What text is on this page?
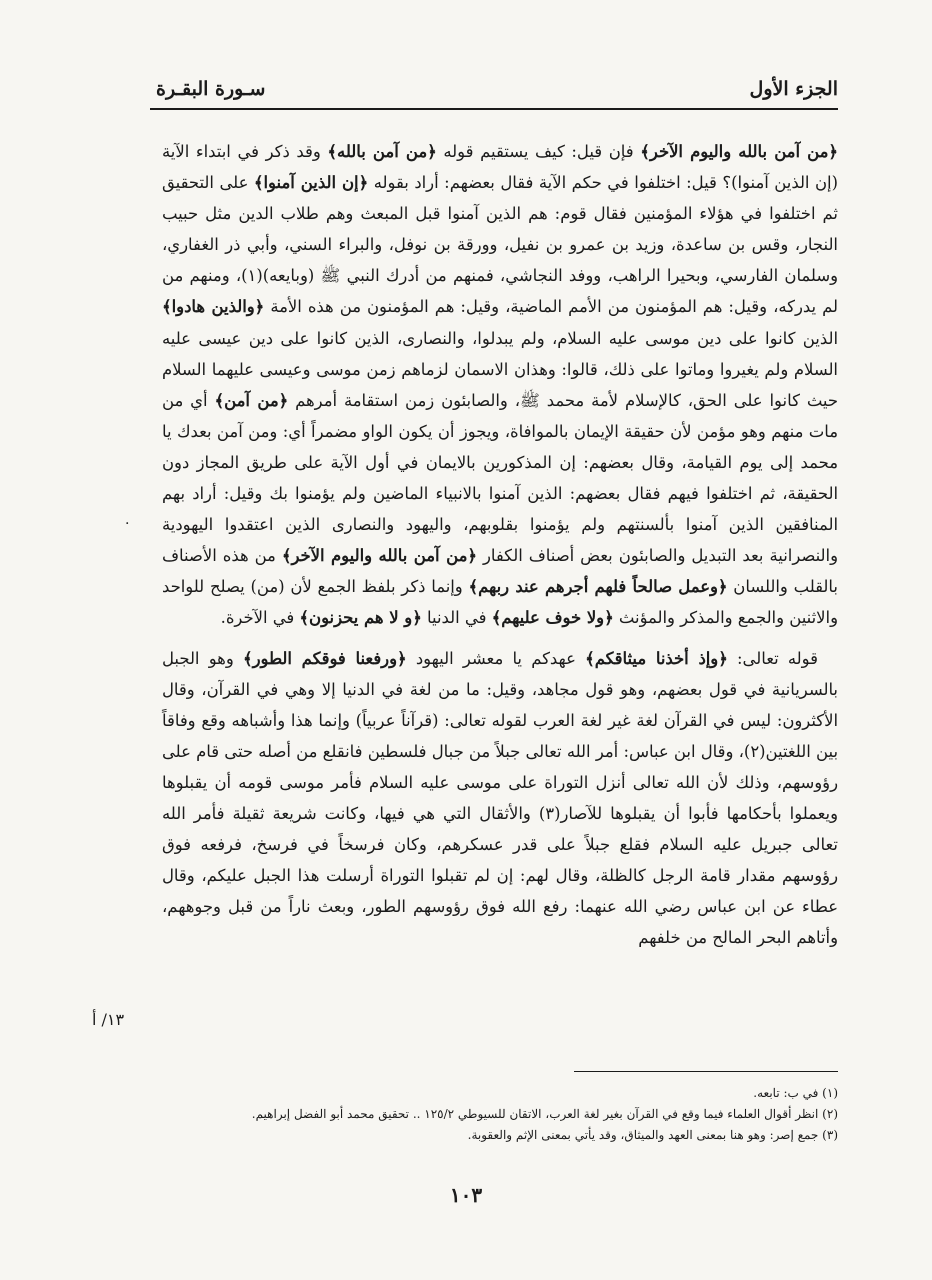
الجزء الأول
سـورة البقـرة

﴿من آمن بالله واليوم الآخر﴾ فإن قيل: كيف يستقيم قوله ﴿من آمن بالله﴾ وقد ذكر في ابتداء الآية (إن الذين آمنوا)؟ قيل: اختلفوا في حكم الآية فقال بعضهم: أراد بقوله ﴿إن الذين آمنوا﴾ على التحقيق ثم اختلفوا في هؤلاء المؤمنين فقال قوم: هم الذين آمنوا قبل المبعث وهم طلاب الدين مثل حبيب النجار، وقس بن ساعدة، وزيد بن عمرو بن نفيل، وورقة بن نوفل، والبراء السني، وأبي ذر الغفاري، وسلمان الفارسي، وبحيرا الراهب، ووفد النجاشي، فمنهم من أدرك النبي ﷺ (وبايعه)(١)، ومنهم من لم يدركه، وقيل: هم المؤمنون من الأمم الماضية، وقيل: هم المؤمنون من هذه الأمة ﴿والذين هادوا﴾ الذين كانوا على دين موسى عليه السلام، ولم يبدلوا، والنصارى، الذين كانوا على دين عيسى عليه السلام ولم يغيروا وماتوا على ذلك، قالوا: وهذان الاسمان لزماهم زمن موسى وعيسى عليهما السلام حيث كانوا على الحق، كالإسلام لأمة محمد ﷺ، والصابئون زمن استقامة أمرهم ﴿من آمن﴾ أي من مات منهم وهو مؤمن لأن حقيقة الإيمان بالموافاة، ويجوز أن يكون الواو مضمراً أي: ومن آمن بعدك يا محمد إلى يوم القيامة، وقال بعضهم: إن المذكورين بالايمان في أول الآية على طريق المجاز دون الحقيقة، ثم اختلفوا فيهم فقال بعضهم: الذين آمنوا بالانبياء الماضين ولم يؤمنوا بك وقيل: أراد بهم المنافقين الذين آمنوا بألسنتهم ولم يؤمنوا بقلوبهم، واليهود والنصارى الذين اعتقدوا اليهودية والنصرانية بعد التبديل والصابئون بعض أصناف الكفار ﴿من آمن بالله واليوم الآخر﴾ من هذه الأصناف بالقلب واللسان ﴿وعمل صالحاً فلهم أجرهم عند ربهم﴾ وإنما ذكر بلفظ الجمع لأن (من) يصلح للواحد والاثنين والجمع والمذكر والمؤنث ﴿ولا خوف عليهم﴾ في الدنيا ﴿و لا هم يحزنون﴾ في الآخرة.

قوله تعالى: ﴿وإذ أخذنا ميثاقكم﴾ عهدكم يا معشر اليهود ﴿ورفعنا فوقكم الطور﴾ وهو الجبل بالسريانية في قول بعضهم، وهو قول مجاهد، وقيل: ما من لغة في الدنيا إلا وهي في القرآن، وقال الأكثرون: ليس في القرآن لغة غير لغة العرب لقوله تعالى: (قرآناً عربياً) وإنما هذا وأشباهه وقع وفاقاً بين اللغتين(٢)، وقال ابن عباس: أمر الله تعالى جبلاً من جبال فلسطين فانقلع من أصله حتى قام على رؤوسهم، وذلك لأن الله تعالى أنزل التوراة على موسى عليه السلام فأمر موسى قومه أن يقبلوها ويعملوا بأحكامها فأبوا أن يقبلوها للآصار(٣) والأثقال التي هي فيها، وكانت شريعة ثقيلة فأمر الله تعالى جبريل عليه السلام فقلع جبلاً على قدر عسكرهم، وكان فرسخاً في فرسخ، فرفعه فوق رؤوسهم مقدار قامة الرجل كالظلة، وقال لهم: إن لم تقبلوا التوراة أرسلت هذا الجبل عليكم، وقال عطاء عن ابن عباس رضي الله عنهما: رفع الله فوق رؤوسهم الطور، وبعث ناراً من قبل وجوههم، وأتاهم البحر المالح من خلفهم

.
١٣/ أ
(١) في ب: تابعه.
(٢) انظر أقوال العلماء فيما وقع في القرآن بغير لغة العرب، الاتقان للسيوطي ١٢٥/٢ .. تحقيق محمد أبو الفضل إبراهيم.
(٣) جمع إصر: وهو هنا بمعنى العهد والميثاق، وقد يأتي بمعنى الإثم والعقوبة.
١٠٣
